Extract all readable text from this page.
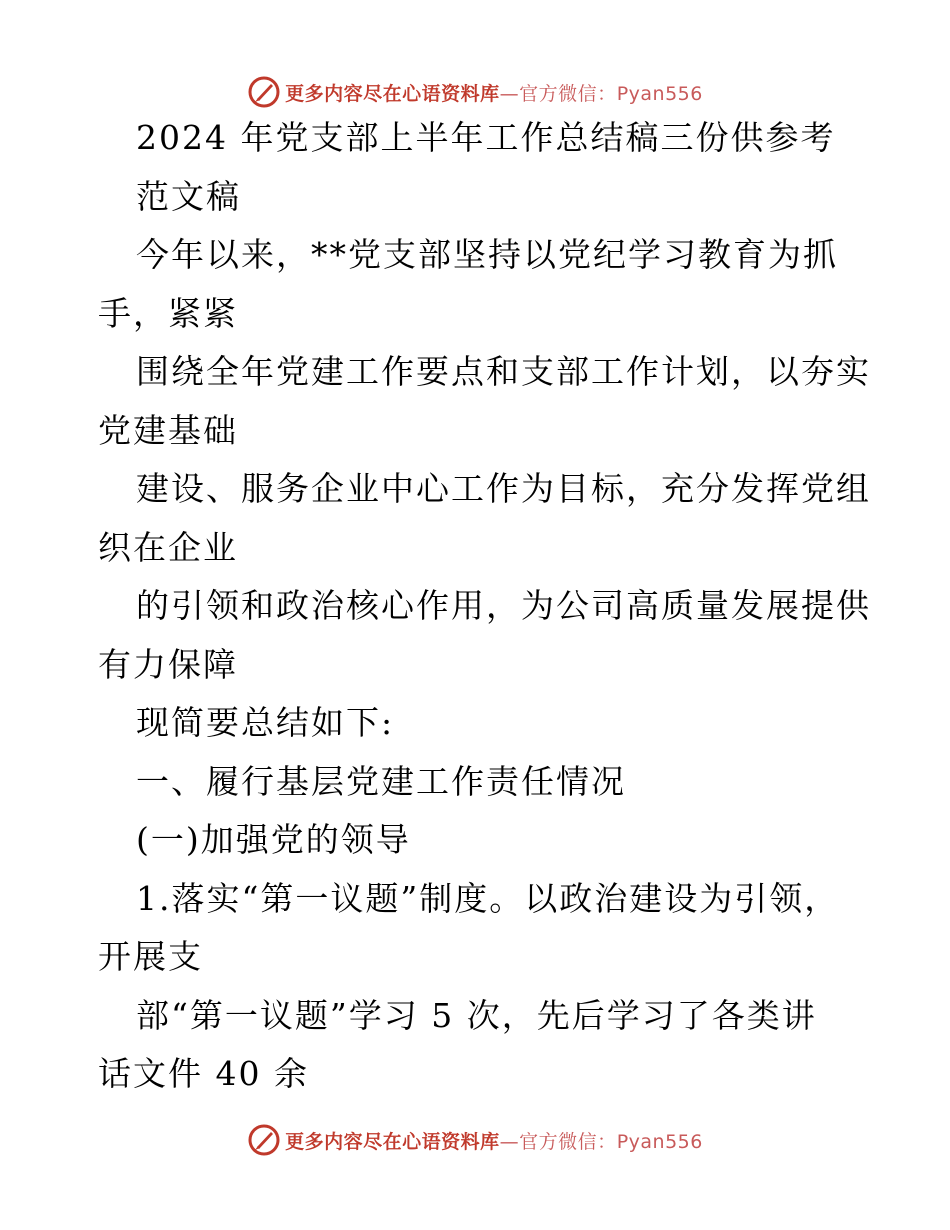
更多内容尽在心语资料库—官方微信：Pyan556
2024 年党支部上半年工作总结稿三份供参考
范文稿
今年以来，**党支部坚持以党纪学习教育为抓
手，紧紧
围绕全年党建工作要点和支部工作计划，以夯实
党建基础
建设、服务企业中心工作为目标，充分发挥党组
织在企业
的引领和政治核心作用，为公司高质量发展提供
有力保障
现简要总结如下:
一、履行基层党建工作责任情况
(一)加强党的领导
1.落实“第一议题”制度。以政治建设为引领，
开展支
部“第一议题”学习 5 次，先后学习了各类讲
话文件 40 余
更多内容尽在心语资料库—官方微信：Pyan556
